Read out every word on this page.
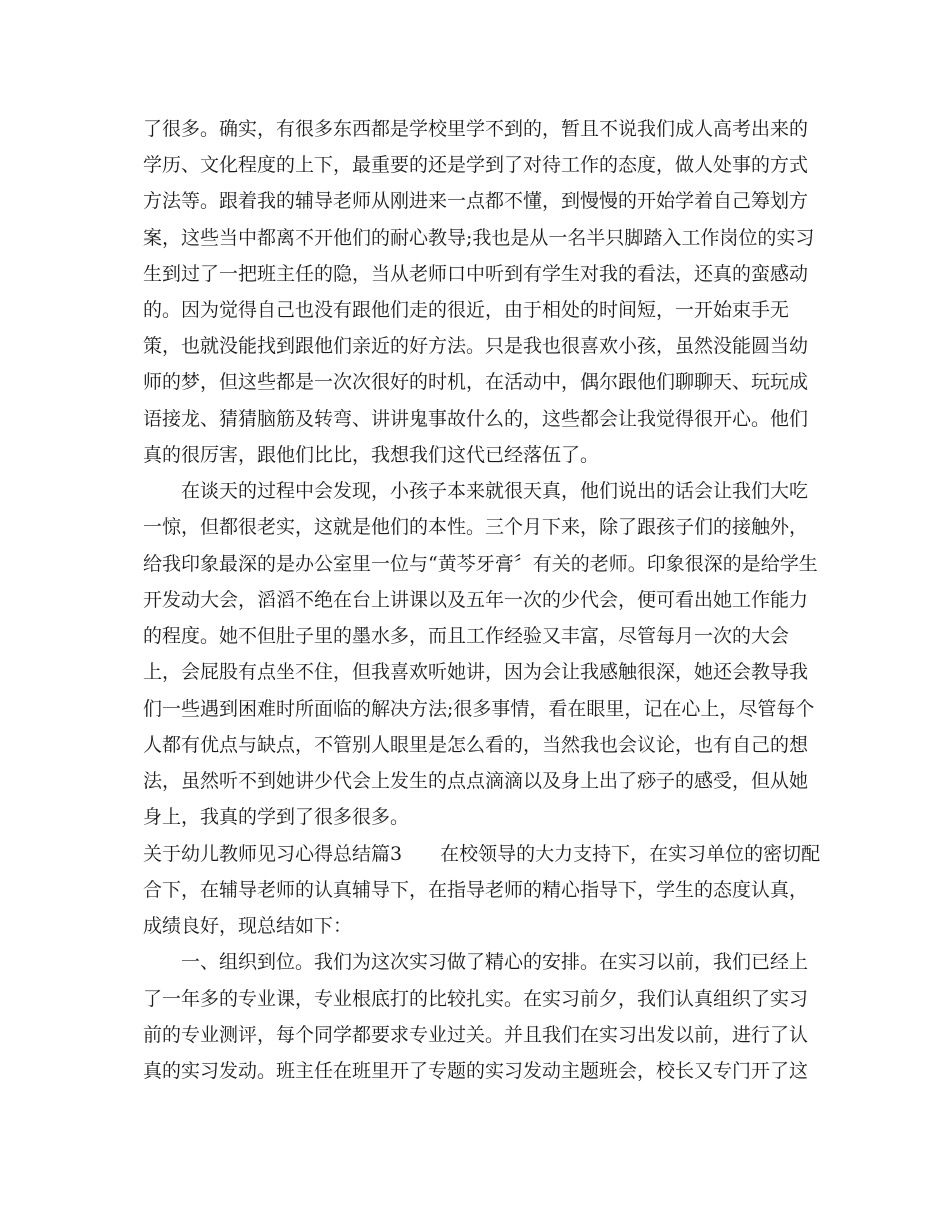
了很多。确实，有很多东西都是学校里学不到的，暂且不说我们成人高考出来的
学历、文化程度的上下，最重要的还是学到了对待工作的态度，做人处事的方式
方法等。跟着我的辅导老师从刚进来一点都不懂，到慢慢的开始学着自己筹划方
案，这些当中都离不开他们的耐心教导;我也是从一名半只脚踏入工作岗位的实习
生到过了一把班主任的隐，当从老师口中听到有学生对我的看法，还真的蛮感动
的。因为觉得自己也没有跟他们走的很近，由于相处的时间短，一开始束手无
策，也就没能找到跟他们亲近的好方法。只是我也很喜欢小孩，虽然没能圆当幼
师的梦，但这些都是一次次很好的时机，在活动中，偶尔跟他们聊聊天、玩玩成
语接龙、猜猜脑筋及转弯、讲讲鬼事故什么的，这些都会让我觉得很开心。他们
真的很厉害，跟他们比比，我想我们这代已经落伍了。
在谈天的过程中会发现，小孩子本来就很天真，他们说出的话会让我们大吃
一惊，但都很老实，这就是他们的本性。三个月下来，除了跟孩子们的接触外，
给我印象最深的是办公室里一位与“黄芩牙膏〞有关的老师。印象很深的是给学生
开发动大会，滔滔不绝在台上讲课以及五年一次的少代会，便可看出她工作能力
的程度。她不但肚子里的墨水多，而且工作经验又丰富，尽管每月一次的大会
上，会屁股有点坐不住，但我喜欢听她讲，因为会让我感触很深，她还会教导我
们一些遇到困难时所面临的解决方法;很多事情，看在眼里，记在心上，尽管每个
人都有优点与缺点，不管别人眼里是怎么看的，当然我也会议论，也有自己的想
法，虽然听不到她讲少代会上发生的点点滴滴以及身上出了痧子的感受，但从她
身上，我真的学到了很多很多。
关于幼儿教师见习心得总结篇3　　在校领导的大力支持下，在实习单位的密切配
合下，在辅导老师的认真辅导下，在指导老师的精心指导下，学生的态度认真，
成绩良好，现总结如下：
一、组织到位。我们为这次实习做了精心的安排。在实习以前，我们已经上
了一年多的专业课，专业根底打的比较扎实。在实习前夕，我们认真组织了实习
前的专业测评，每个同学都要求专业过关。并且我们在实习出发以前，进行了认
真的实习发动。班主任在班里开了专题的实习发动主题班会，校长又专门开了这
